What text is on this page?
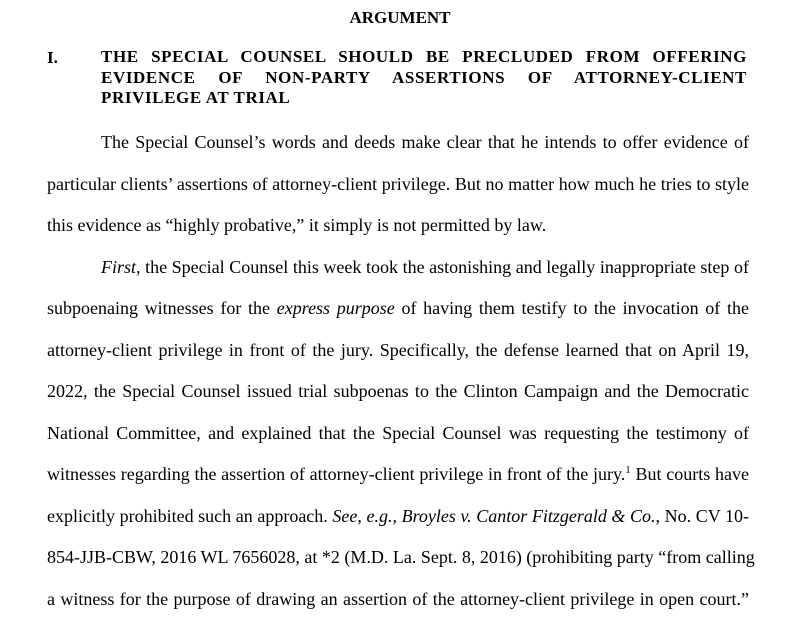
ARGUMENT
I.	THE SPECIAL COUNSEL SHOULD BE PRECLUDED FROM OFFERING
EVIDENCE OF NON-PARTY ASSERTIONS OF ATTORNEY-CLIENT
PRIVILEGE AT TRIAL
The Special Counsel’s words and deeds make clear that he intends to offer evidence of
particular clients’ assertions of attorney-client privilege. But no matter how much he tries to style
this evidence as “highly probative,” it simply is not permitted by law.
First, the Special Counsel this week took the astonishing and legally inappropriate step of
subpoenaing witnesses for the express purpose of having them testify to the invocation of the
attorney-client privilege in front of the jury. Specifically, the defense learned that on April 19,
2022, the Special Counsel issued trial subpoenas to the Clinton Campaign and the Democratic
National Committee, and explained that the Special Counsel was requesting the testimony of
witnesses regarding the assertion of attorney-client privilege in front of the jury.$^1$ But courts have
explicitly prohibited such an approach. See, e.g., Broyles v. Cantor Fitzgerald & Co., No. CV 10-
854-JJB-CBW, 2016 WL 7656028, at *2 (M.D. La. Sept. 8, 2016) (prohibiting party “from calling
a witness for the purpose of drawing an assertion of the attorney-client privilege in open court.”
